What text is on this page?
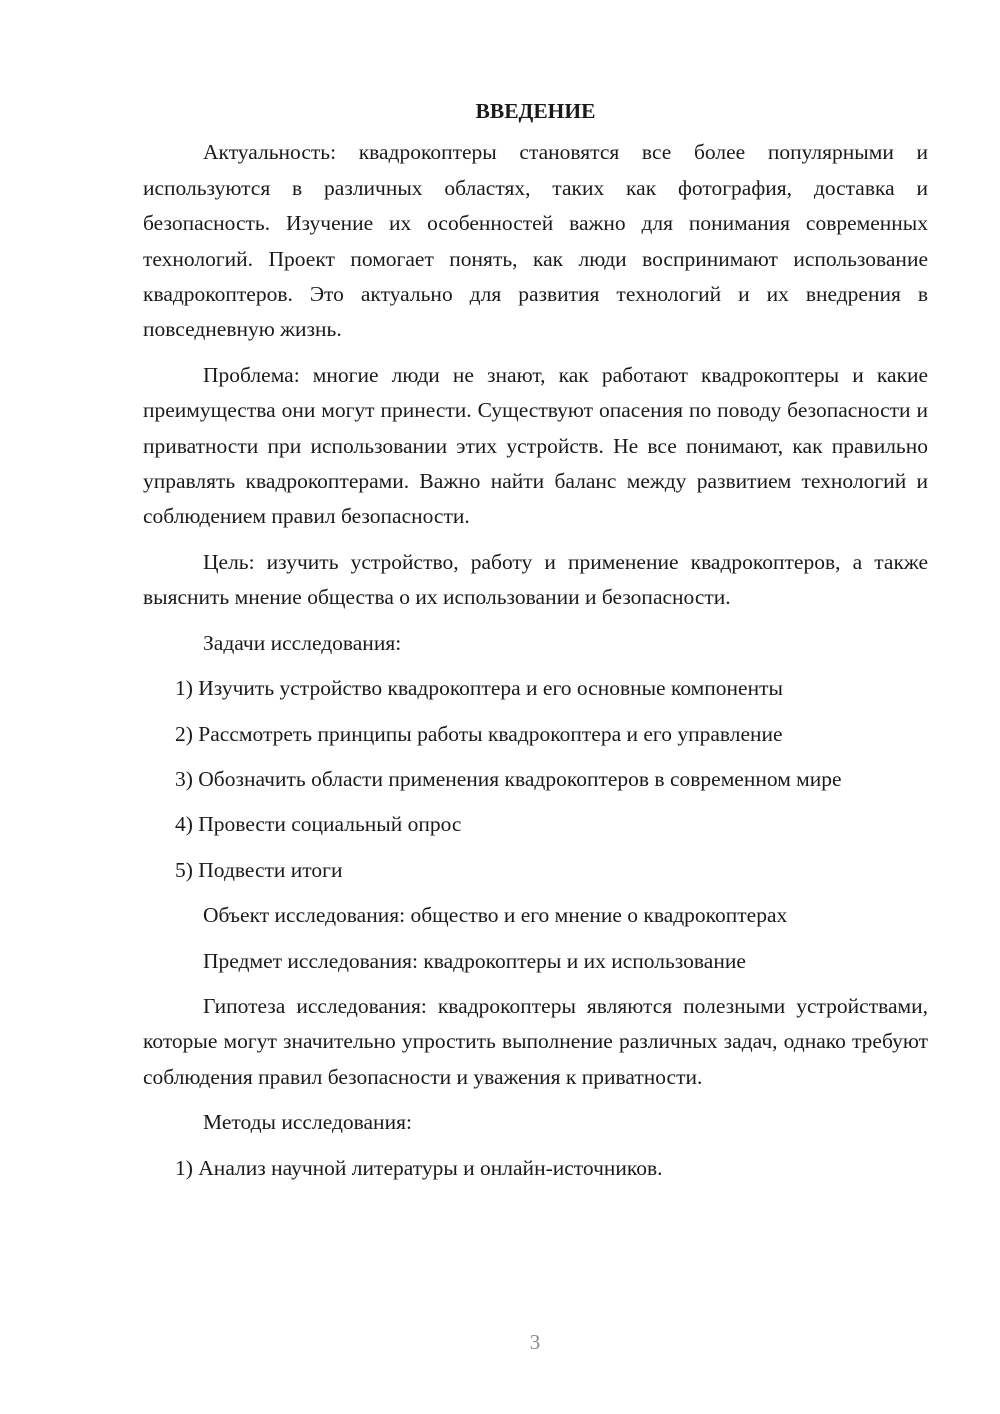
ВВЕДЕНИЕ
Актуальность: квадрокоптеры становятся все более популярными и используются в различных областях, таких как фотография, доставка и безопасность. Изучение их особенностей важно для понимания современных технологий. Проект помогает понять, как люди воспринимают использование квадрокоптеров. Это актуально для развития технологий и их внедрения в повседневную жизнь.
Проблема: многие люди не знают, как работают квадрокоптеры и какие преимущества они могут принести. Существуют опасения по поводу безопасности и приватности при использовании этих устройств. Не все понимают, как правильно управлять квадрокоптерами. Важно найти баланс между развитием технологий и соблюдением правил безопасности.
Цель: изучить устройство, работу и применение квадрокоптеров, а также выяснить мнение общества о их использовании и безопасности.
Задачи исследования:
1) Изучить устройство квадрокоптера и его основные компоненты
2) Рассмотреть принципы работы квадрокоптера и его управление
3) Обозначить области применения квадрокоптеров в современном мире
4) Провести социальный опрос
5) Подвести итоги
Объект исследования: общество и его мнение о квадрокоптерах
Предмет исследования: квадрокоптеры и их использование
Гипотеза исследования: квадрокоптеры являются полезными устройствами, которые могут значительно упростить выполнение различных задач, однако требуют соблюдения правил безопасности и уважения к приватности.
Методы исследования:
1) Анализ научной литературы и онлайн-источников.
3
